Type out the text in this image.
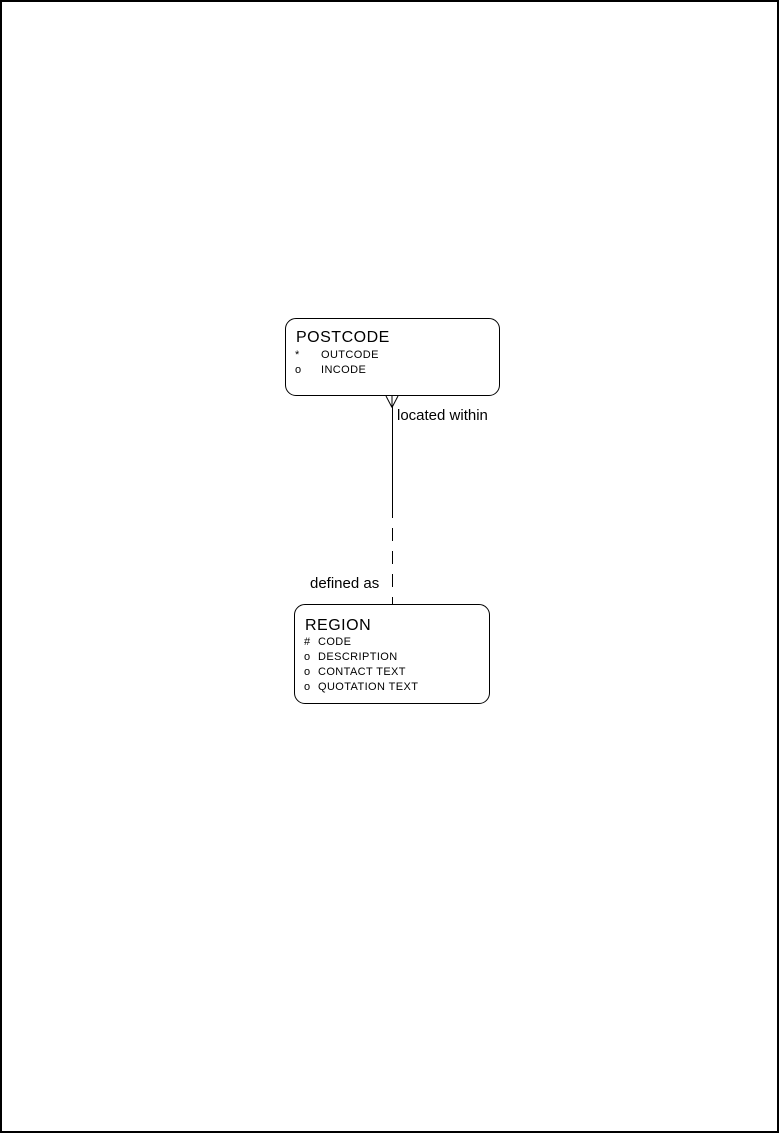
POSTCODE
*	OUTCODE
o	INCODE
located within
defined as
REGION
# CODE
o DESCRIPTION
o CONTACT TEXT
o QUOTATION TEXT
